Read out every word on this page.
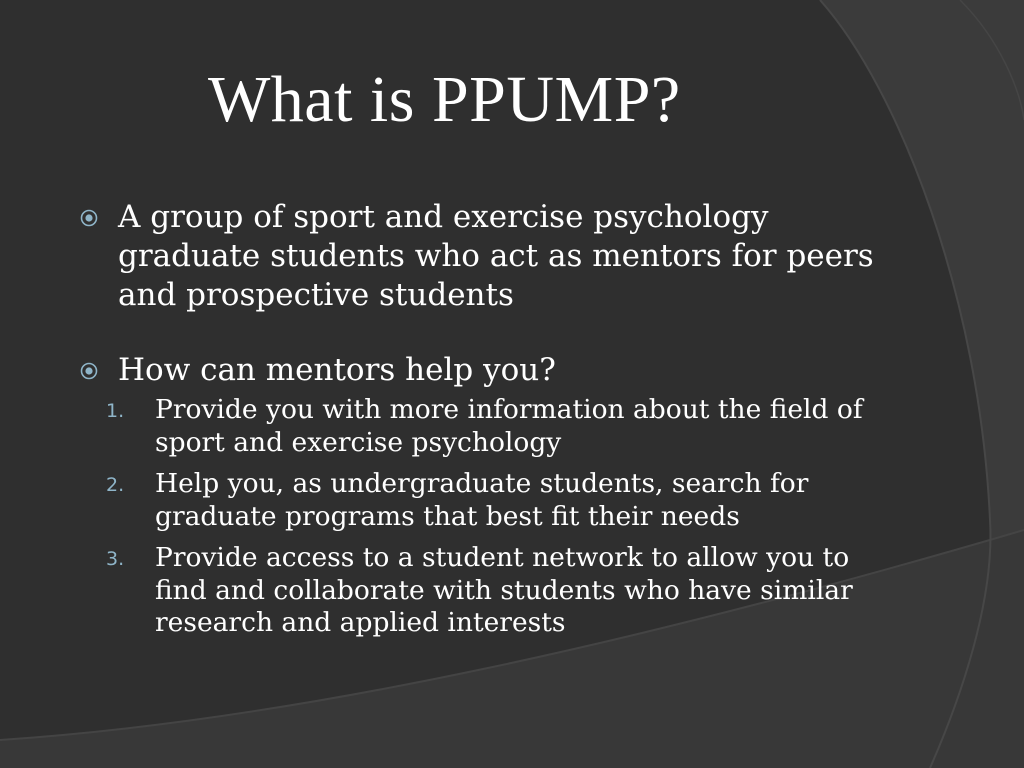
What is PPUMP?
A group of sport and exercise psychology graduate students who act as mentors for peers and prospective students
How can mentors help you?
1. Provide you with more information about the field of sport and exercise psychology
2. Help you, as undergraduate students, search for graduate programs that best fit their needs
3. Provide access to a student network to allow you to find and collaborate with students who have similar research and applied interests
